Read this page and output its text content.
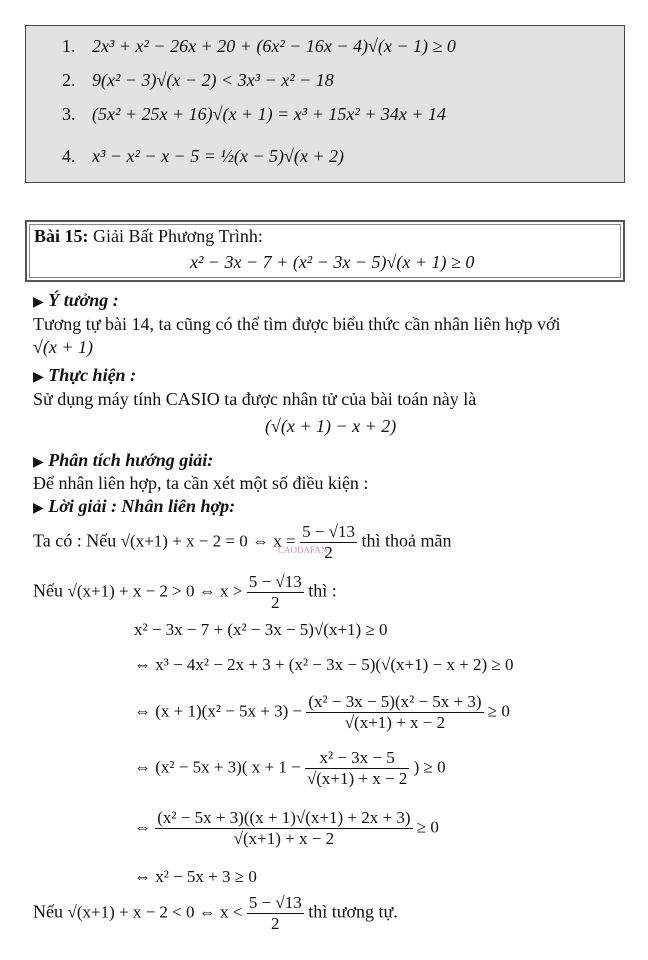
1. 2x³ + x² − 26x + 20 + (6x² − 16x − 4)√(x − 1) ≥ 0
2. 9(x² − 3)√(x − 2) < 3x³ − x² − 18
3. (5x² + 25x + 16)√(x + 1) = x³ + 15x² + 34x + 14
4. x³ − x² − x − 5 = ½(x − 5)√(x + 2)
Bài 15: Giải Bất Phương Trình:
x² − 3x − 7 + (x² − 3x − 5)√(x + 1) ≥ 0
▶ Ý tưởng :
Tương tự bài 14, ta cũng có thể tìm được biểu thức cần nhân liên hợp với
√(x + 1)
▶ Thực hiện :
Sử dụng máy tính CASIO ta được nhân tử của bài toán này là
(√(x + 1) − x + 2)
▶ Phân tích hướng giải:
Để nhân liên hợp, ta cần xét một số điều kiện :
▶ Lời giải : Nhân liên hợp:
Ta có : Nếu √(x+1) + x − 2 = 0 ⇔ $x = \frac{5 - √13}{2}$ thì thoả mãn
CAODAFAN
Nếu √(x+1) + x − 2 > 0 ⇔ $x > \frac{5 - √13}{2}$ thì :
x² − 3x − 7 + (x² − 3x − 5)√(x+1) ≥ 0
⇔ x³ − 4x² − 2x + 3 + (x² − 3x − 5)(√(x+1) − x + 2) ≥ 0
⇔ $(x + 1)(x^2 - 5x + 3) - \frac{\text{(x² − 3x − 5)(x² − 5x + 3)}}{√(x+1) + x - 2} \ge 0$
⇔ (x² − 5x + 3)( $x + 1 - \frac{\text{x² − 3x − 5}}{√(x+1) + x - 2}$ ) ≥ 0
⇔ $\frac{\text{(x² − 5x + 3)((x + 1)√(x+1) + 2x + 3)}}{√(x+1) + x - 2} \ge 0$
⇔ x² − 5x + 3 ≥ 0
Nếu √(x+1) + x − 2 < 0 ⇔ $x < \frac{5 - √13}{2}$ thì tương tự.
